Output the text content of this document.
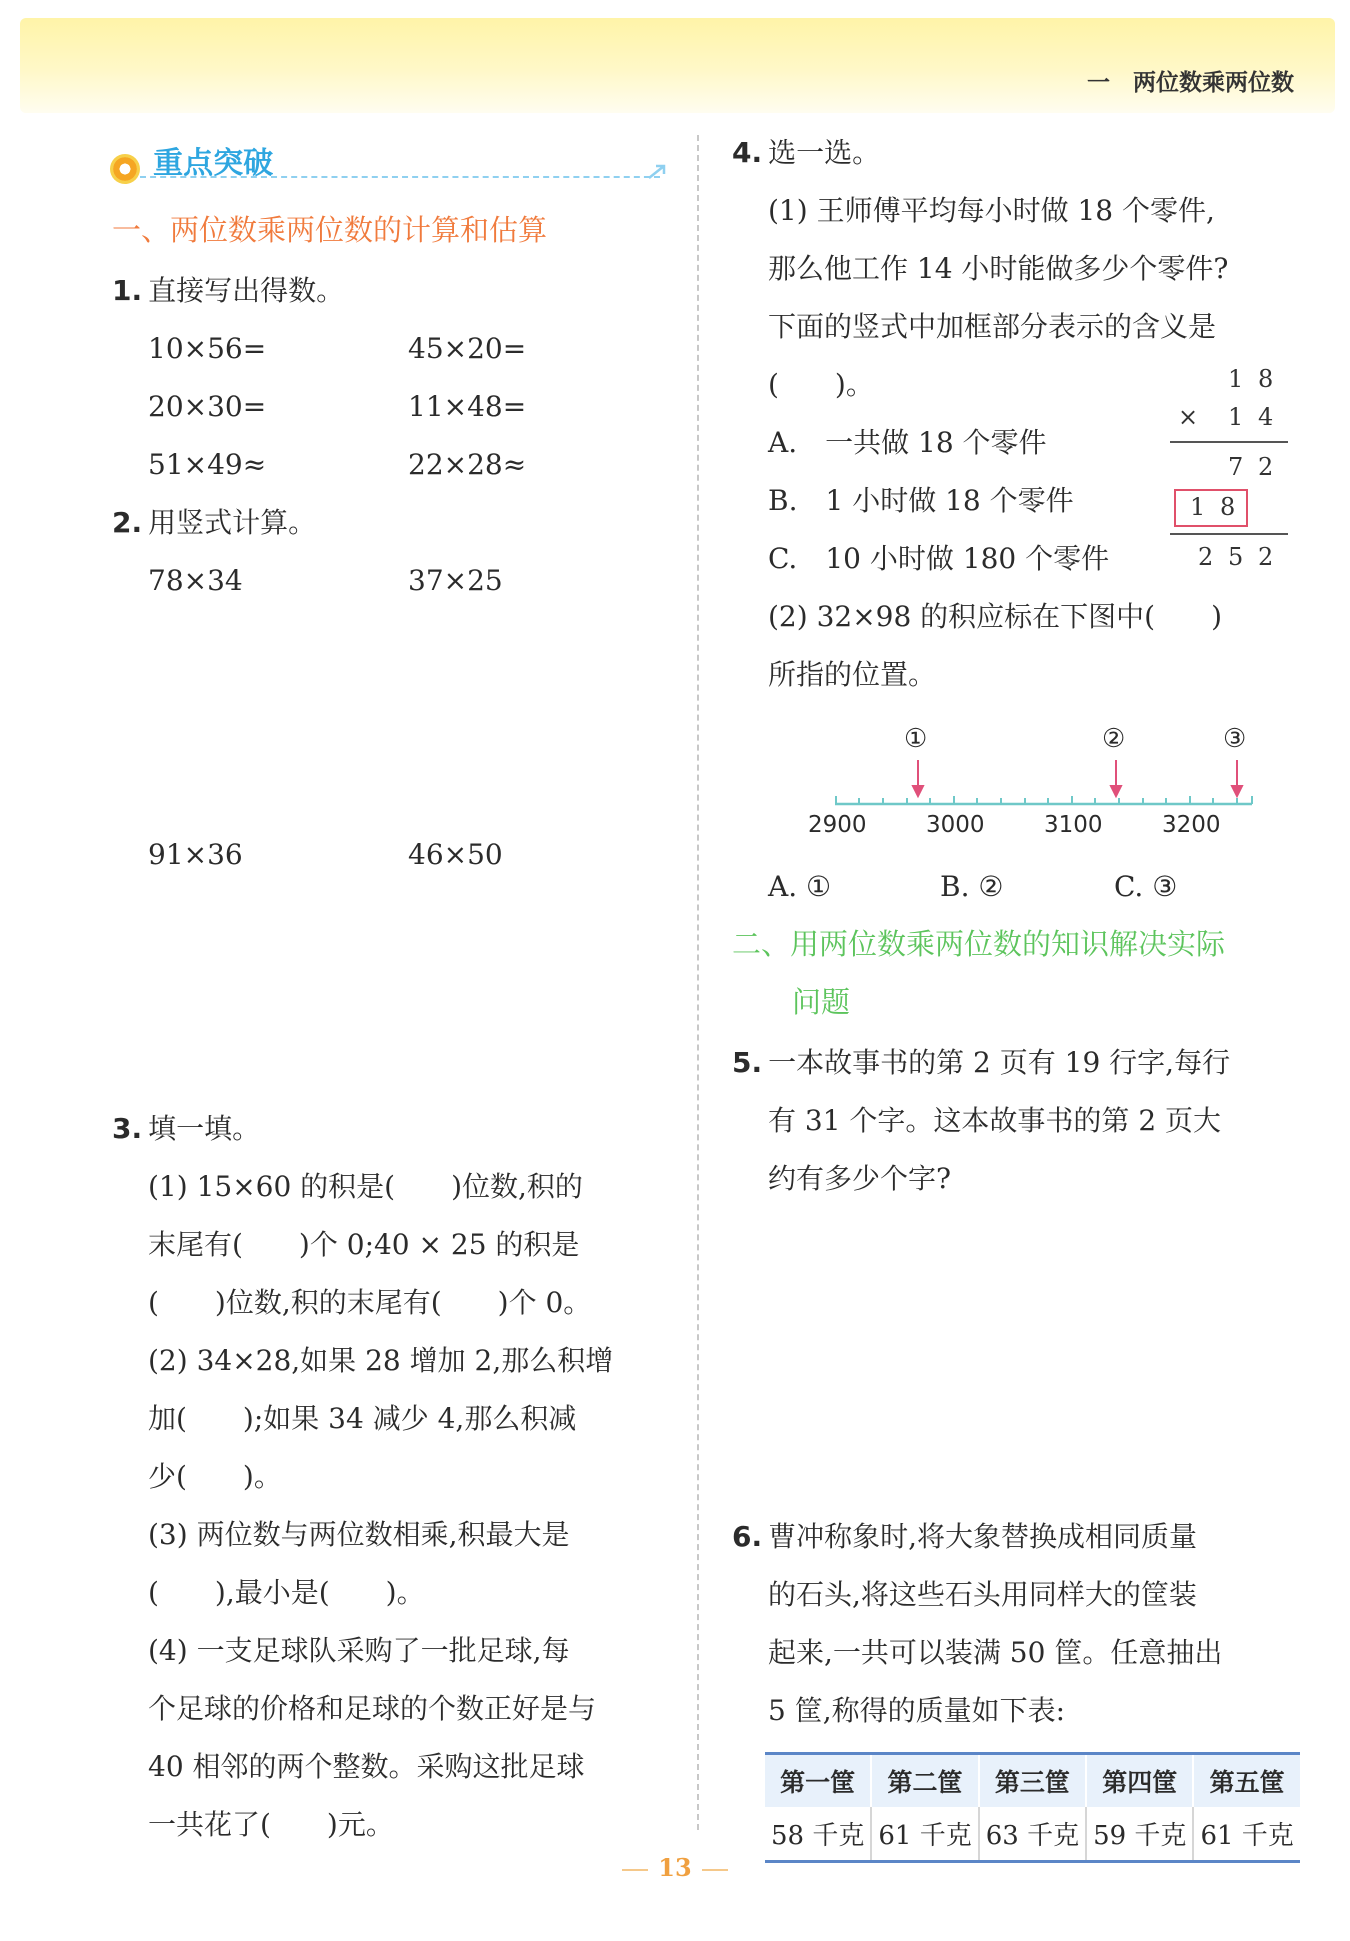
一　两位数乘两位数
重点突破
一、两位数乘两位数的计算和估算
1. 直接写出得数。
10×56=	45×20=
20×30=	11×48=
51×49≈	22×28≈
2. 用竖式计算。
78×34	37×25
91×36	46×50
3. 填一填。
(1) 15×60 的积是(　　)位数,积的
末尾有(　　)个 0;40 × 25 的积是
(　　)位数,积的末尾有(　　)个 0。
(2) 34×28,如果 28 增加 2,那么积增
加(　　);如果 34 减少 4,那么积减
少(　　)。
(3) 两位数与两位数相乘,积最大是
(　　),最小是(　　)。
(4) 一支足球队采购了一批足球,每
个足球的价格和足球的个数正好是与
40 相邻的两个整数。采购这批足球
一共花了(　　)元。
4. 选一选。
(1) 王师傅平均每小时做 18 个零件,
那么他工作 14 小时能做多少个零件?
下面的竖式中加框部分表示的含义是
(　　)。
A.　一共做 18 个零件
B.　1 小时做 18 个零件
C.　10 小时做 180 个零件
(2) 32×98 的积应标在下图中(　　)
所指的位置。
1 8
× 1 4
7 2
1 8
2 5 2
①	②	③
2900	3000	3100	3200
A. ①	B. ②	C. ③
二、用两位数乘两位数的知识解决实际
问题
5. 一本故事书的第 2 页有 19 行字,每行
有 31 个字。这本故事书的第 2 页大
约有多少个字?
6. 曹冲称象时,将大象替换成相同质量
的石头,将这些石头用同样大的筐装
起来,一共可以装满 50 筐。任意抽出
5 筐,称得的质量如下表:
第一筐	第二筐	第三筐	第四筐	第五筐
58 千克	61 千克	63 千克	59 千克	61 千克
13
